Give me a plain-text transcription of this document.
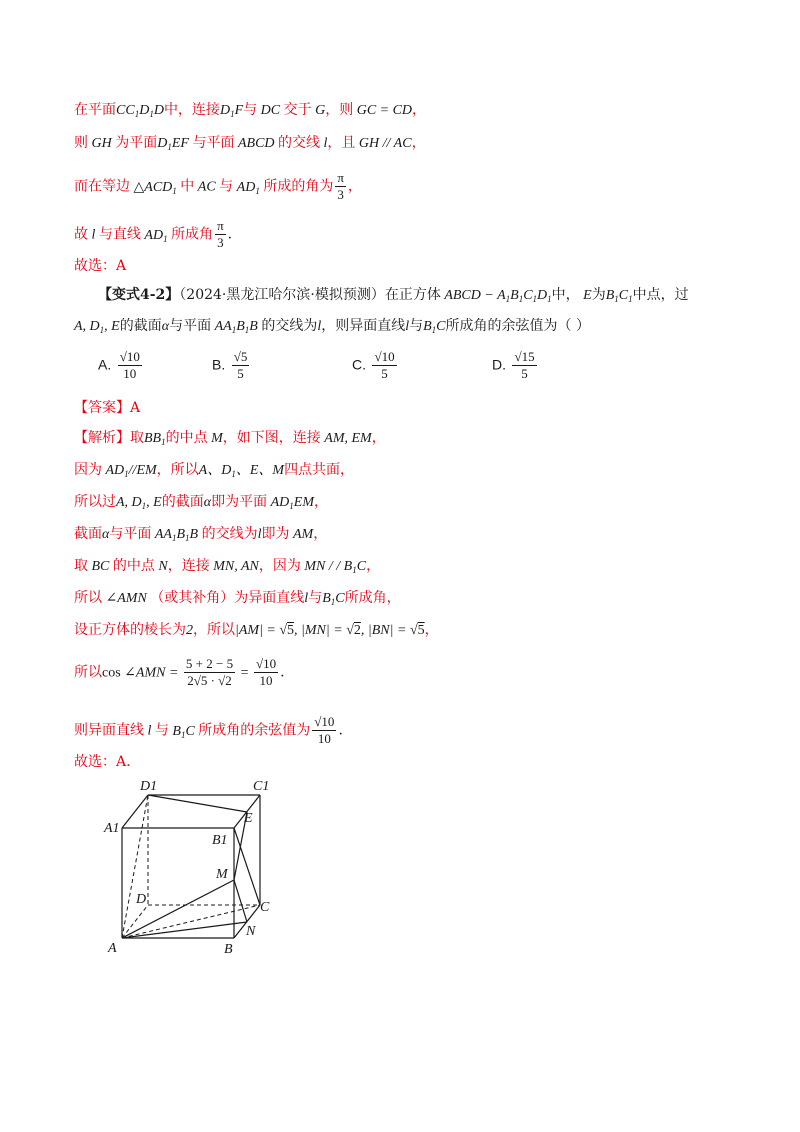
在平面$CC_1D_1D$中，连接$D_1F$与 DC 交于 G，则 GC = CD，
则 GH 为平面$D_1EF$ 与平面 ABCD 的交线 l，且 GH // AC，
而在等边 $\triangle ACD_1$ 中 AC 与 $AD_1$ 所成的角为 $\frac{\pi}{3}$ ，
故 l 与直线 $AD_1$ 所成角 $\frac{\pi}{3}$ .
故选：A
【变式4-2】（2024·黑龙江哈尔滨·模拟预测）在正方体 ABCD − $A_1B_1C_1D_1$中， E为$B_1C_1$中点，过
A, $D_1$, E的截面α与平面 $AA_1B_1B$ 的交线为l，则异面直线l与$B_1C$所成角的余弦值为（ ）
A. $\frac{√10}{10}$	B. $\frac{√5}{5}$	C. $\frac{√10}{5}$	D. $\frac{√15}{5}$
【答案】A
【解析】取$BB_1$的中点 M，如下图，连接 AM, EM，
因为 $AD_1//EM$，所以A、$D_1$、E、M四点共面，
所以过A, $D_1$, E的截面α即为平面 $AD_1EM$，
截面α与平面 $AA_1B_1B$ 的交线为l即为 AM，
取 BC 的中点 N，连接 MN, AN，因为 MN / / $B_1C$，
所以 ∠AMN （或其补角）为异面直线l与$B_1C$所成角，
设正方体的棱长为2，所以|AM| = √5, |MN| = √2, |BN| = √5，
所以cos ∠AMN = $\frac{5 + 2 - 5}{2√5 \cdot √2} = \frac{√10}{10}$ .
则异面直线 l 与 $B_1C$ 所成角的余弦值为 $\frac{√10}{10}$ .
故选：A.
D1	C1
A1
E
B1
M
D
C
N
A	B
